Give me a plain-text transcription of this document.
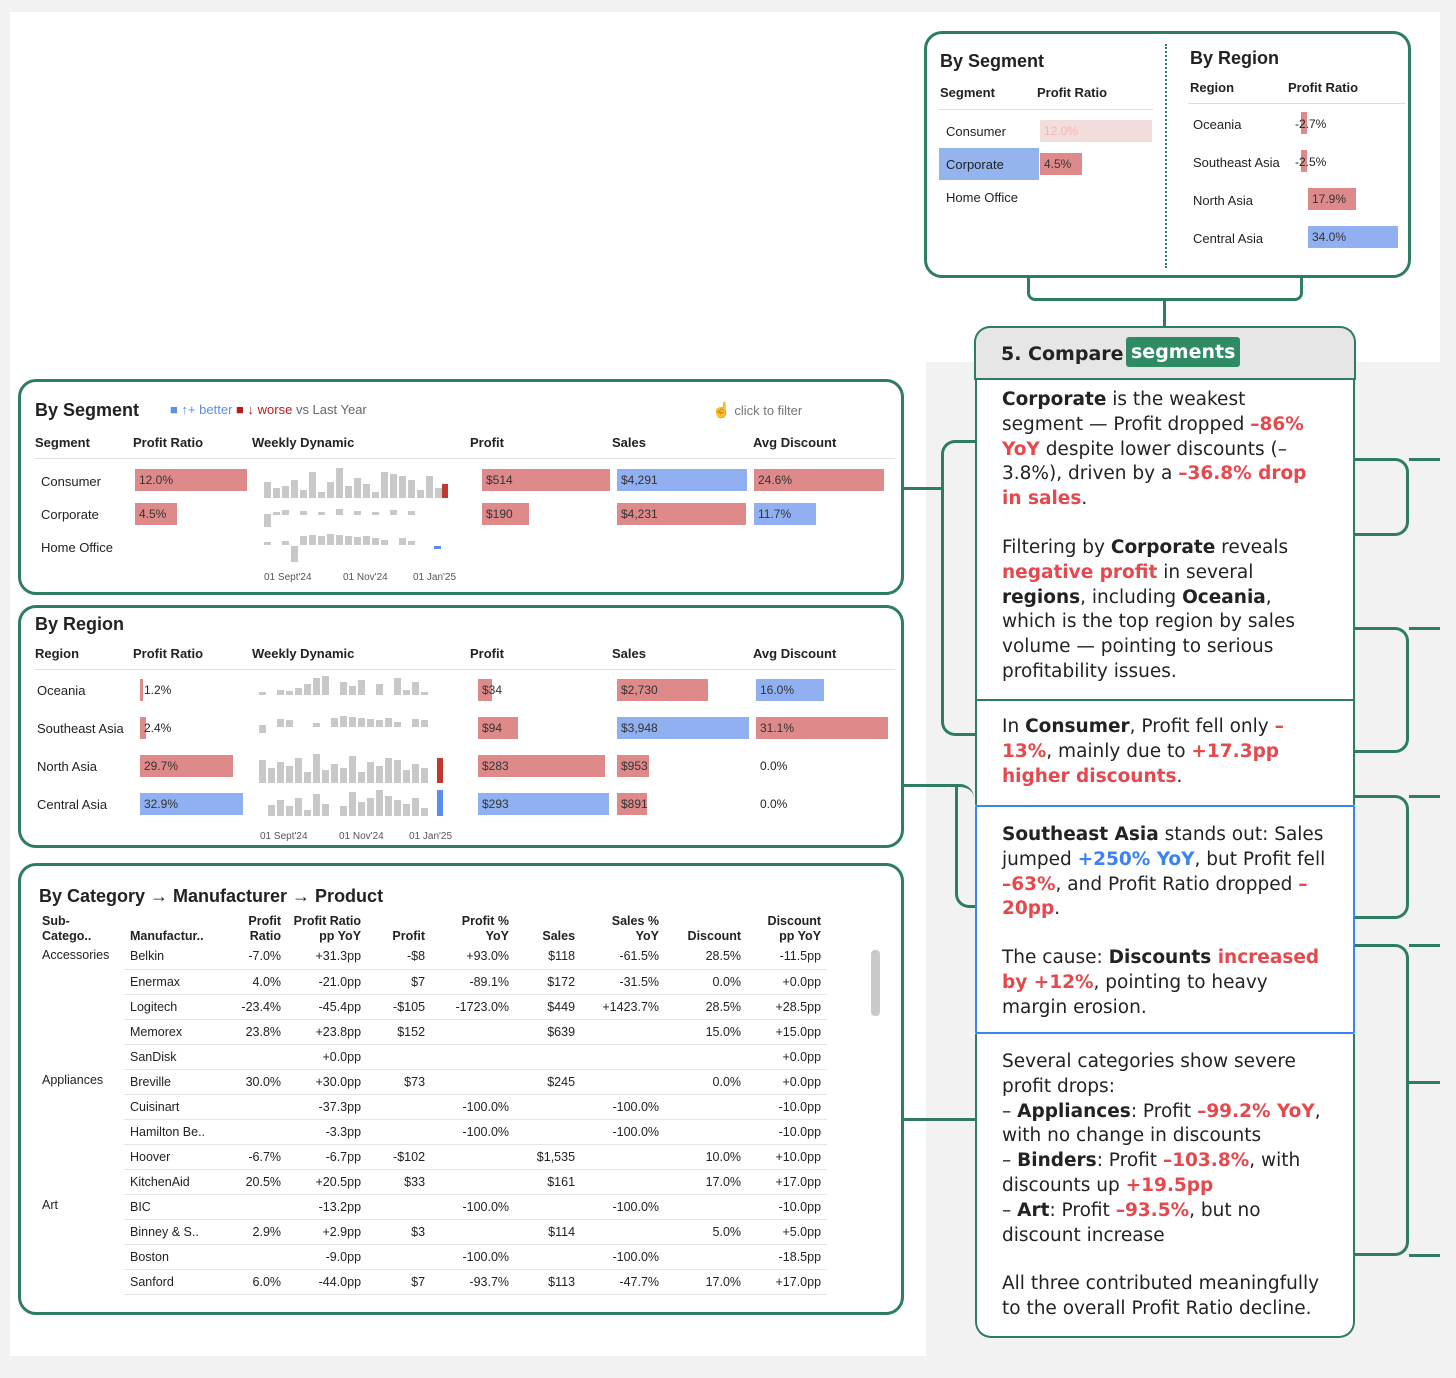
By Segment ■ ↑+ better ■ ↓ worse vs Last Year	☝ click to filter
Segment	Profit Ratio	Weekly Dynamic	Profit	Sales	Avg Discount
Consumer	12.0%	$514	$4,291	24.6%
Corporate	4.5%	$190	$4,231	11.7%
Home Office
01 Sept'24	01 Nov'24	01 Jan'25
By Region
Region	Profit Ratio	Weekly Dynamic	Profit	Sales	Avg Discount
Oceania	1.2%	$34	$2,730	16.0%
Southeast Asia 2.4%	$94	$3,948	31.1%
North Asia	29.7%	$283	$953	0.0%
Central Asia	32.9%	$293	$891	0.0%
01 Sept'24	01 Nov'24	01 Jan'25
By Category → Manufacturer → Product
Sub-Catego..	Manufactur..	Profit Ratio	Profit Ratio pp YoY	Profit	Profit % YoY	Sales	Sales % YoY	Discount	Discount pp YoY
Accessories	Belkin	-7.0%	+31.3pp	-$8	+93.0%	$118	-61.5%	28.5%	-11.5pp
	Enermax	4.0%	-21.0pp	$7	-89.1%	$172	-31.5%	0.0%	+0.0pp
	Logitech	-23.4%	-45.4pp	-$105	-1723.0%	$449	+1423.7%	28.5%	+28.5pp
	Memorex	23.8%	+23.8pp	$152		$639		15.0%	+15.0pp
	SanDisk		+0.0pp						+0.0pp
Appliances	Breville	30.0%	+30.0pp	$73		$245		0.0%	+0.0pp
	Cuisinart		-37.3pp		-100.0%		-100.0%		-10.0pp
	Hamilton Be..		-3.3pp		-100.0%		-100.0%		-10.0pp
	Hoover	-6.7%	-6.7pp	-$102		$1,535		10.0%	+10.0pp
	KitchenAid	20.5%	+20.5pp	$33		$161		17.0%	+17.0pp
Art	BIC		-13.2pp		-100.0%		-100.0%		-10.0pp
	Binney & S..	2.9%	+2.9pp	$3		$114		5.0%	+5.0pp
	Boston		-9.0pp		-100.0%		-100.0%		-18.5pp
	Sanford	6.0%	-44.0pp	$7	-93.7%	$113	-47.7%	17.0%	+17.0pp
By Segment
Segment	Profit Ratio
Consumer	12.0%
Corporate	4.5%
Home Office
By Region
Region	Profit Ratio
Oceania	-2.7%
Southeast Asia -2.5%
North Asia	17.9%
Central Asia	34.0%
5. Compare segments

Corporate is the weakest segment — Profit dropped –86% YoY despite lower discounts (–3.8%), driven by a –36.8% drop in sales.

Filtering by Corporate reveals negative profit in several regions, including Oceania, which is the top region by sales volume — pointing to serious profitability issues.

In Consumer, Profit fell only –13%, mainly due to +17.3pp higher discounts.

Southeast Asia stands out: Sales jumped +250% YoY, but Profit fell –63%, and Profit Ratio dropped –20pp.

The cause: Discounts increased by +12%, pointing to heavy margin erosion.

Several categories show severe profit drops:
– Appliances: Profit –99.2% YoY, with no change in discounts
– Binders: Profit –103.8%, with discounts up +19.5pp
– Art: Profit –93.5%, but no discount increase

All three contributed meaningfully to the overall Profit Ratio decline.
